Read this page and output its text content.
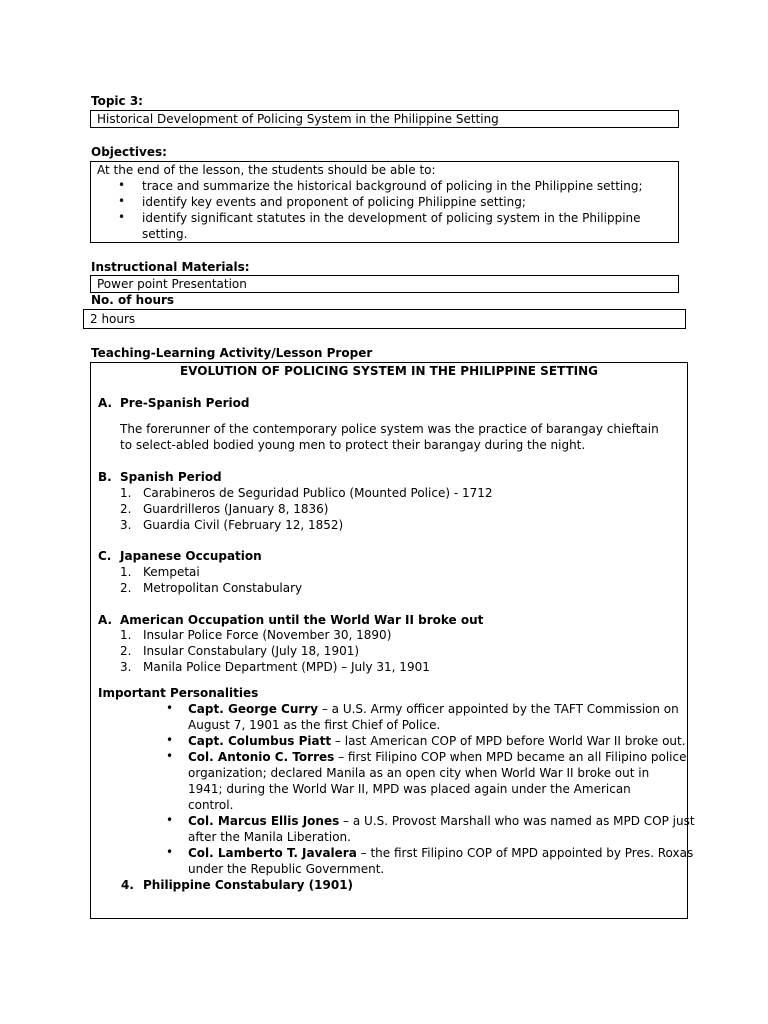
Topic 3:
Historical Development of Policing System in the Philippine Setting
Objectives:
At the end of the lesson, the students should be able to:
• trace and summarize the historical background of policing in the Philippine setting;
• identify key events and proponent of policing Philippine setting;
• identify significant statutes in the development of policing system in the Philippine
setting.
Instructional Materials:
Power point Presentation
No. of hours
2 hours
Teaching-Learning Activity/Lesson Proper
EVOLUTION OF POLICING SYSTEM IN THE PHILIPPINE SETTING
A. Pre-Spanish Period
The forerunner of the contemporary police system was the practice of barangay chieftain
to select-abled bodied young men to protect their barangay during the night.
B. Spanish Period
1. Carabineros de Seguridad Publico (Mounted Police) - 1712
2. Guardrilleros (January 8, 1836)
3. Guardia Civil (February 12, 1852)
C. Japanese Occupation
1. Kempetai
2. Metropolitan Constabulary
A. American Occupation until the World War II broke out
1. Insular Police Force (November 30, 1890)
2. Insular Constabulary (July 18, 1901)
3. Manila Police Department (MPD) – July 31, 1901
Important Personalities
• Capt. George Curry – a U.S. Army officer appointed by the TAFT Commission on
August 7, 1901 as the first Chief of Police.
• Capt. Columbus Piatt – last American COP of MPD before World War II broke out.
• Col. Antonio C. Torres – first Filipino COP when MPD became an all Filipino police
organization; declared Manila as an open city when World War II broke out in
1941; during the World War II, MPD was placed again under the American
control.
• Col. Marcus Ellis Jones – a U.S. Provost Marshall who was named as MPD COP just
after the Manila Liberation.
• Col. Lamberto T. Javalera – the first Filipino COP of MPD appointed by Pres. Roxas
under the Republic Government.
4. Philippine Constabulary (1901)
